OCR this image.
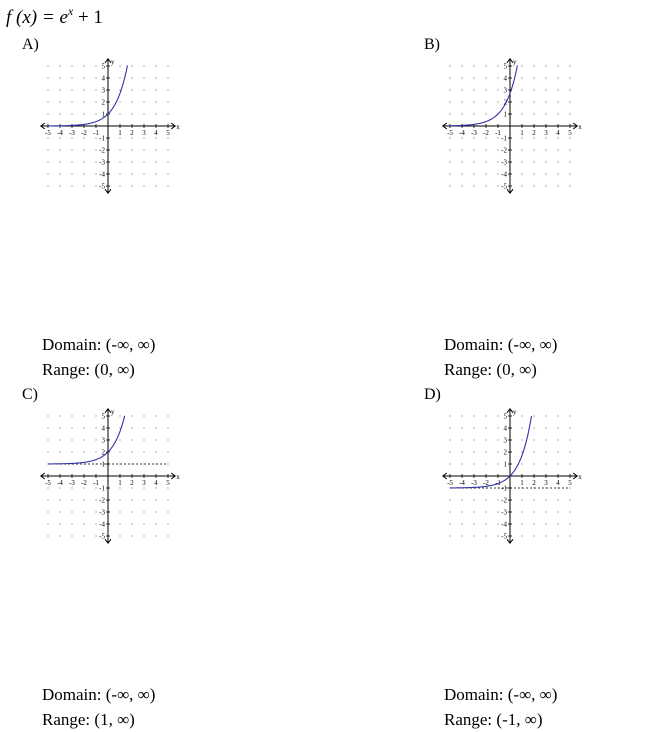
f $(x) = e^x + 1$
A)
-5 -4 -3 -2 -1	1 2 3 4 5
-5
-4
-3
-2
-1
1
2
3
4
5
x
y
Domain: (-∞, ∞)
Range: (0, ∞)
B)
-5 -4 -3 -2 -1	1 2 3 4 5
-5
-4
-3
-2
-1
1
2
3
4
5
x
y
Domain: (-∞, ∞)
Range: (0, ∞)
C)
-5 -4 -3 -2 -1	1 2 3 4 5
-5
-4
-3
-2
-1
1
2
3
4
5
x
y
Domain: (-∞, ∞)
Range: (1, ∞)
D)
-5 -4 -3 -2 -1	1 2 3 4 5
-5
-4
-3
-2
-1
1
2
3
4
5
x
y
Domain: (-∞, ∞)
Range: (-1, ∞)
